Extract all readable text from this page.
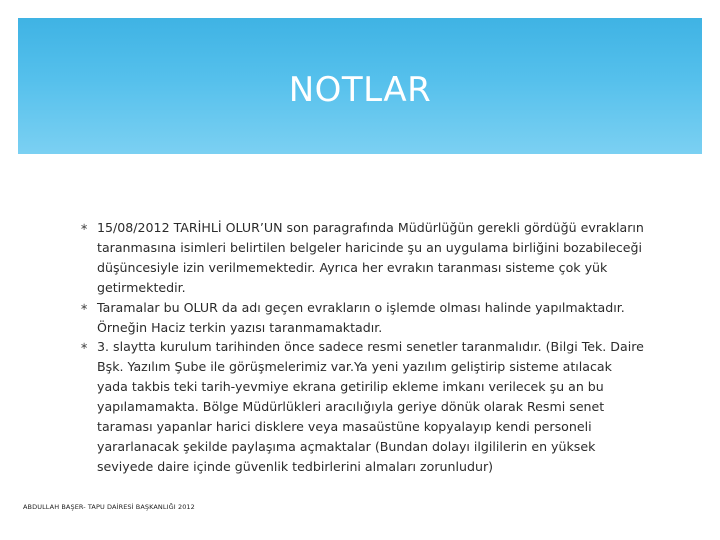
NOTLAR
∗ 15/08/2012 TARİHLİ OLUR’UN son paragrafında Müdürlüğün gerekli gördüğü evrakların taranmasına isimleri belirtilen belgeler haricinde şu an uygulama birliğini bozabileceği düşüncesiyle izin verilmemektedir. Ayrıca her evrakın taranması sisteme çok yük getirmektedir.
∗ Taramalar bu OLUR da adı geçen evrakların o işlemde olması halinde yapılmaktadır. Örneğin Haciz terkin yazısı taranmamaktadır.
∗ 3. slaytta kurulum tarihinden önce sadece resmi senetler taranmalıdır. (Bilgi Tek. Daire Bşk. Yazılım Şube ile görüşmelerimiz var.Ya yeni yazılım geliştirip sisteme atılacak yada takbis teki tarih-yevmiye ekrana getirilip ekleme imkanı verilecek şu an bu yapılamamakta. Bölge Müdürlükleri aracılığıyla geriye dönük olarak Resmi senet taraması yapanlar harici disklere veya masaüstüne kopyalayıp kendi personeli yararlanacak şekilde paylaşıma açmaktalar (Bundan dolayı ilgililerin en yüksek seviyede daire içinde güvenlik tedbirlerini almaları zorunludur)
ABDULLAH BAŞER- TAPU DAİRESİ BAŞKANLIĞI 2012
